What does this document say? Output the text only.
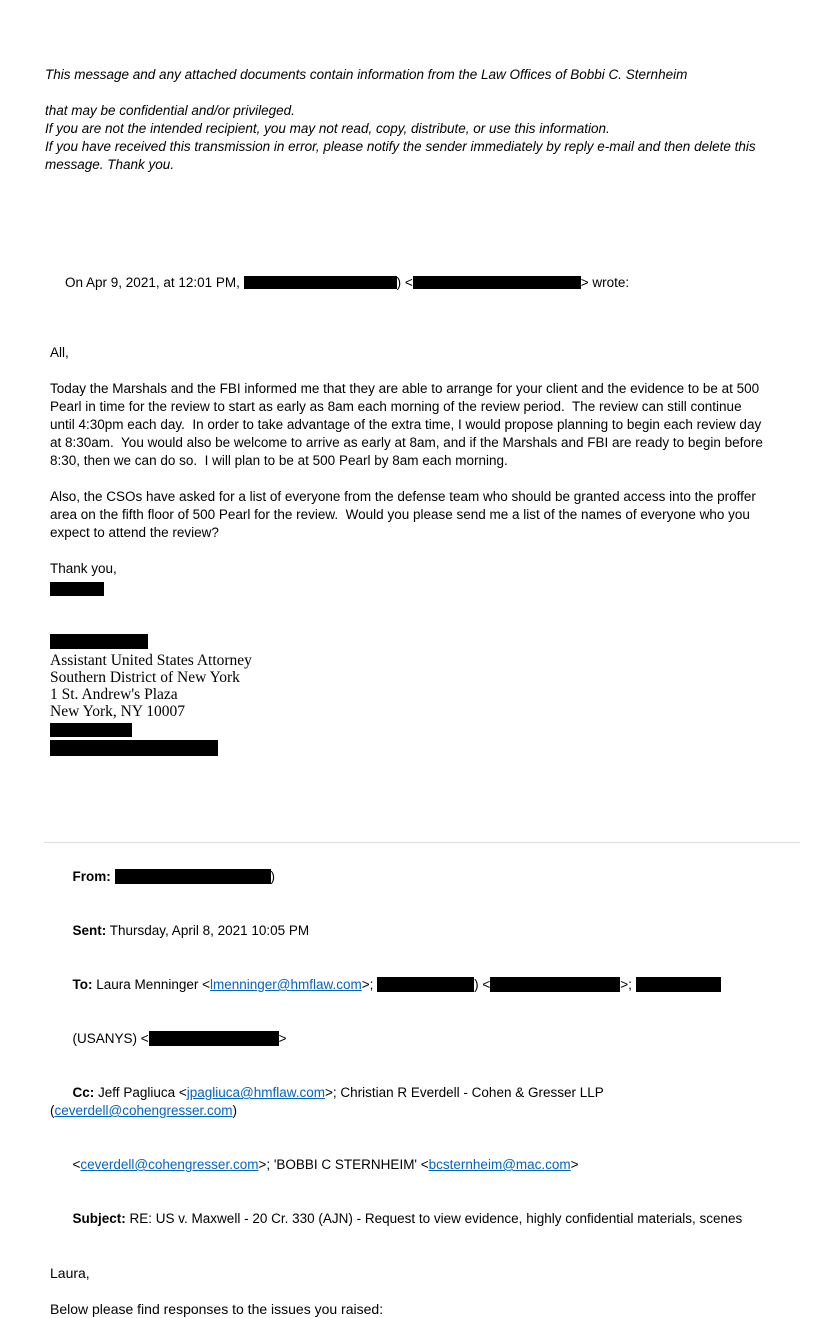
This message and any attached documents contain information from the Law Offices of Bobbi C. Sternheim
that may be confidential and/or privileged.
If you are not the intended recipient, you may not read, copy, distribute, or use this information.
If you have received this transmission in error, please notify the sender immediately by reply e-mail and then delete this message. Thank you.

On Apr 9, 2021, at 12:01 PM,	) <	> wrote:

All,
Today the Marshals and the FBI informed me that they are able to arrange for your client and the evidence to be at 500 Pearl in time for the review to start as early as 8am each morning of the review period.  The review can still continue until 4:30pm each day.  In order to take advantage of the extra time, I would propose planning to begin each review day at 8:30am.  You would also be welcome to arrive as early at 8am, and if the Marshals and FBI are ready to begin before 8:30, then we can do so.  I will plan to be at 500 Pearl by 8am each morning.
Also, the CSOs have asked for a list of everyone from the defense team who should be granted access into the proffer area on the fifth floor of 500 Pearl for the review.  Would you please send me a list of the names of everyone who you expect to attend the review?
Thank you,
Assistant United States Attorney
Southern District of New York
1 St. Andrew's Plaza
New York, NY 10007

From:	)

Sent: Thursday, April 8, 2021 10:05 PM

To: Laura Menninger <lmenninger@hmflaw.com>;	) <	>;

(USANYS) <	>

Cc: Jeff Pagliuca <jpagliuca@hmflaw.com>; Christian R Everdell - Cohen & Gresser LLP (ceverdell@cohengresser.com)

<ceverdell@cohengresser.com>; 'BOBBI C STERNHEIM' <bcsternheim@mac.com>

Subject: RE: US v. Maxwell - 20 Cr. 330 (AJN) - Request to view evidence, highly confidential materials, scenes

Laura,
Below please find responses to the issues you raised:
